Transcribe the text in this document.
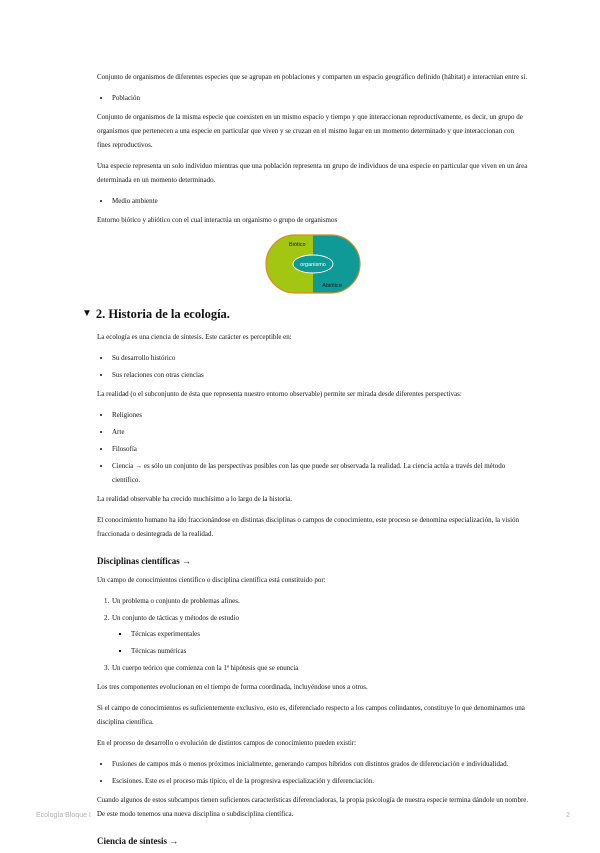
Conjunto de organismos de diferentes especies que se agrupan en poblaciones y comparten un espacio geográfico definido (hábitat) e interactúan entre sí.

• Población

Conjunto de organismos de la misma especie que coexisten en un mismo espacio y tiempo y que interaccionan reproductivamente, es decir, un grupo de organismos que pertenecen a una especie en particular que viven y se cruzan en el mismo lugar en un momento determinado y que interaccionan con fines reproductivos.

Una especie representa un solo individuo mientras que una población representa un grupo de individuos de una especie en particular que viven en un área determinada en un momento determinado.

• Medio ambiente

Entorno biótico y abiótico con el cual interactúa un organismo o grupo de organismos

Biótico
organismo
Abiótico
▼ 2. Historia de la ecología.

La ecología es una ciencia de síntesis. Este carácter es perceptible en:

• Su desarrollo histórico
• Sus relaciones con otras ciencias

La realidad (o el subconjunto de ésta que representa nuestro entorno observable) permite ser mirada desde diferentes perspectivas:

• Religiones
• Arte
• Filosofía
• Ciencia → es sólo un conjunto de las perspectivas posibles con las que puede ser observada la realidad. La ciencia actúa a través del método científico.

La realidad observable ha crecido muchísimo a lo largo de la historia.

El conocimiento humano ha ido fraccionándose en distintas disciplinas o campos de conocimiento, este proceso se denomina especialización, la visión fraccionada o desintegrada de la realidad.

Disciplinas científicas →

Un campo de conocimientos científico o disciplina científica está constituido por:

1. Un problema o conjunto de problemas afines.
2. Un conjunto de tácticas y métodos de estudio
▪ Técnicas experimentales
▪ Técnicas numéricas
3. Un cuerpo teórico que comienza con la 1ª hipótesis que se enuncia

Los tres componentes evolucionan en el tiempo de forma coordinada, incluyéndose unos a otros.

Si el campo de conocimientos es suficientemente exclusivo, esto es, diferenciado respecto a los campos colindantes, constituye lo que denominamos una disciplina científica.

En el proceso de desarrollo o evolución de distintos campos de conocimiento pueden existir:

• Fusiones de campos más o menos próximos inicialmente, generando campos híbridos con distintos grados de diferenciación e individualidad.
• Escisiones. Este es el proceso más típico, el de la progresiva especialización y diferenciación.

Cuando algunos de estos subcampos tienen suficientes características diferenciadoras, la propia psicología de nuestra especie termina dándole un nombre. De este modo tenemos una nueva disciplina o subdisciplina científica.

Ciencia de síntesis →
Ecología Bloque I	2
